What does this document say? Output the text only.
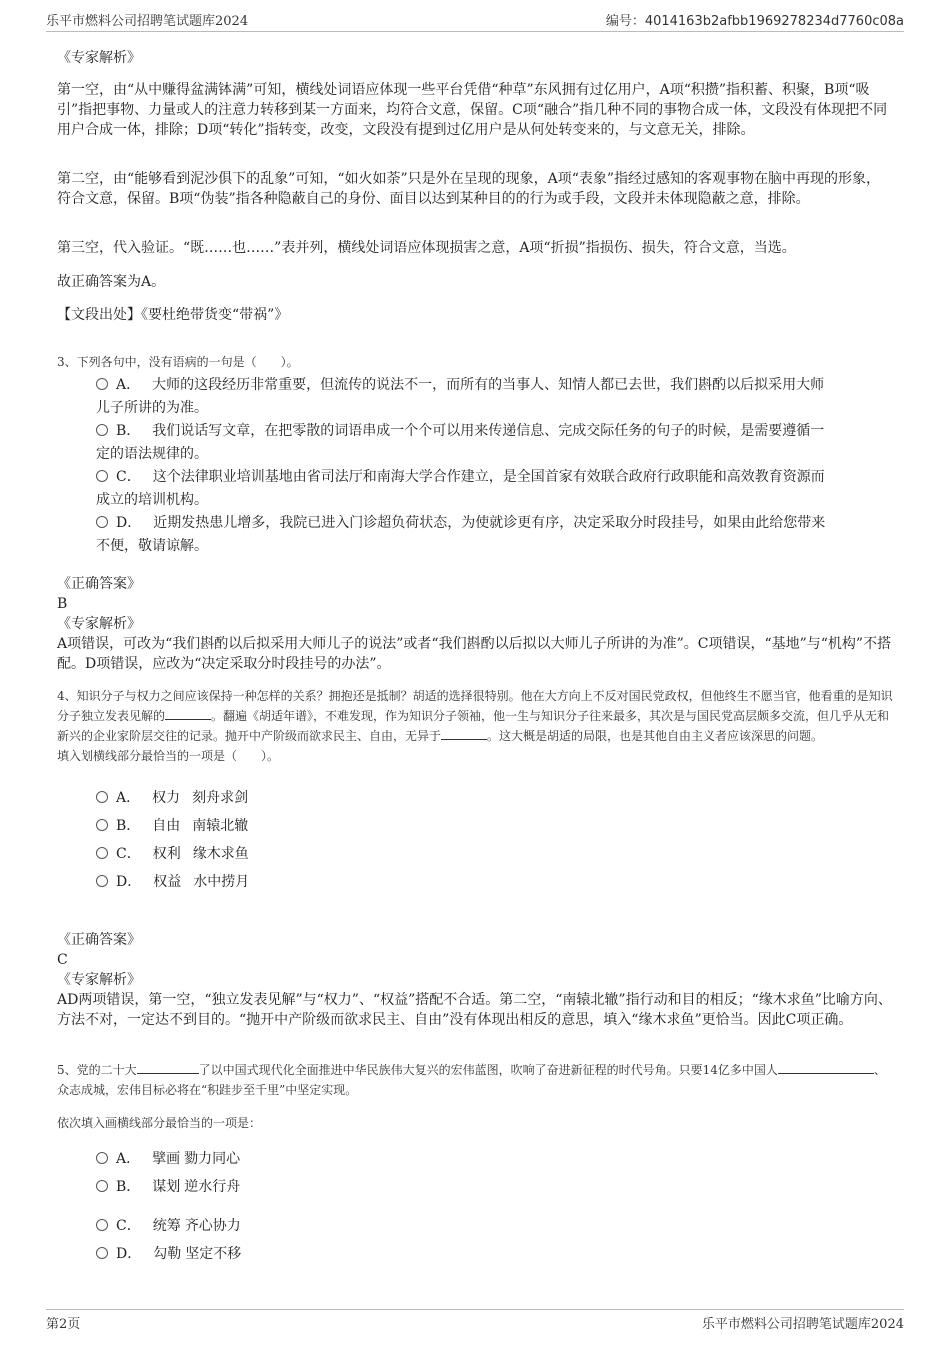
乐平市燃料公司招聘笔试题库2024	编号：4014163b2afbb1969278234d7760c08a

《专家解析》

第一空，由“从中赚得盆满钵满”可知，横线处词语应体现一些平台凭借“种草”东风拥有过亿用户，A项“积攒”指积蓄、积聚，B项“吸引”指把事物、力量或人的注意力转移到某一方面来，均符合文意，保留。C项“融合”指几种不同的事物合成一体，文段没有体现把不同用户合成一体，排除；D项“转化”指转变，改变，文段没有提到过亿用户是从何处转变来的，与文意无关，排除。

第二空，由“能够看到泥沙俱下的乱象”可知，“如火如荼”只是外在呈现的现象，A项“表象”指经过感知的客观事物在脑中再现的形象，符合文意，保留。B项“伪装”指各种隐蔽自己的身份、面目以达到某种目的的行为或手段，文段并未体现隐蔽之意，排除。

第三空，代入验证。“既……也……”表并列，横线处词语应体现损害之意，A项“折损”指损伤、损失，符合文意，当选。

故正确答案为A。

【文段出处】《要杜绝带货变“带祸”》

3、下列各句中，没有语病的一句是（　　）。

A． 大师的这段经历非常重要，但流传的说法不一，而所有的当事人、知情人都已去世，我们斟酌以后拟采用大师
儿子所讲的为准。
B． 我们说话写文章，在把零散的词语串成一个个可以用来传递信息、完成交际任务的句子的时候，是需要遵循一
定的语法规律的。
C． 这个法律职业培训基地由省司法厅和南海大学合作建立，是全国首家有效联合政府行政职能和高效教育资源而
成立的培训机构。
D． 近期发热患儿增多，我院已进入门诊超负荷状态，为使就诊更有序，决定采取分时段挂号，如果由此给您带来
不便，敬请谅解。

《正确答案》

B

《专家解析》

A项错误，可改为“我们斟酌以后拟采用大师儿子的说法”或者“我们斟酌以后拟以大师儿子所讲的为准”。C项错误，“基地”与“机构”不搭配。D项错误，应改为“决定采取分时段挂号的办法”。

4、知识分子与权力之间应该保持一种怎样的关系？拥抱还是抵制？胡适的选择很特别。他在大方向上不反对国民党政权，但他终生不愿当官，他看重的是知识分子独立发表见解的	。翻遍《胡适年谱》，不难发现，作为知识分子领袖，他一生与知识分子往来最多，其次是与国民党高层颇多交流，但几乎从无和新兴的企业家阶层交往的记录。抛开中产阶级而欲求民主、自由，无异于	。这大概是胡适的局限，也是其他自由主义者应该深思的问题。

填入划横线部分最恰当的一项是（　　）。

A． 权力 刻舟求剑
B． 自由 南辕北辙
C． 权利 缘木求鱼
D． 权益 水中捞月

《正确答案》

C

《专家解析》

AD两项错误，第一空，“独立发表见解”与“权力”、“权益”搭配不合适。第二空，“南辕北辙”指行动和目的相反；“缘木求鱼”比喻方向、方法不对，一定达不到目的。“抛开中产阶级而欲求民主、自由”没有体现出相反的意思，填入“缘木求鱼”更恰当。因此C项正确。

5、党的二十大	了以中国式现代化全面推进中华民族伟大复兴的宏伟蓝图，吹响了奋进新征程的时代号角。只要14亿多中国人	、众志成城，宏伟目标必将在“积跬步至千里”中坚定实现。

依次填入画横线部分最恰当的一项是：

A． 擘画 勠力同心
B． 谋划 逆水行舟
C． 统筹 齐心协力
D． 勾勒 坚定不移
第2页	乐平市燃料公司招聘笔试题库2024
